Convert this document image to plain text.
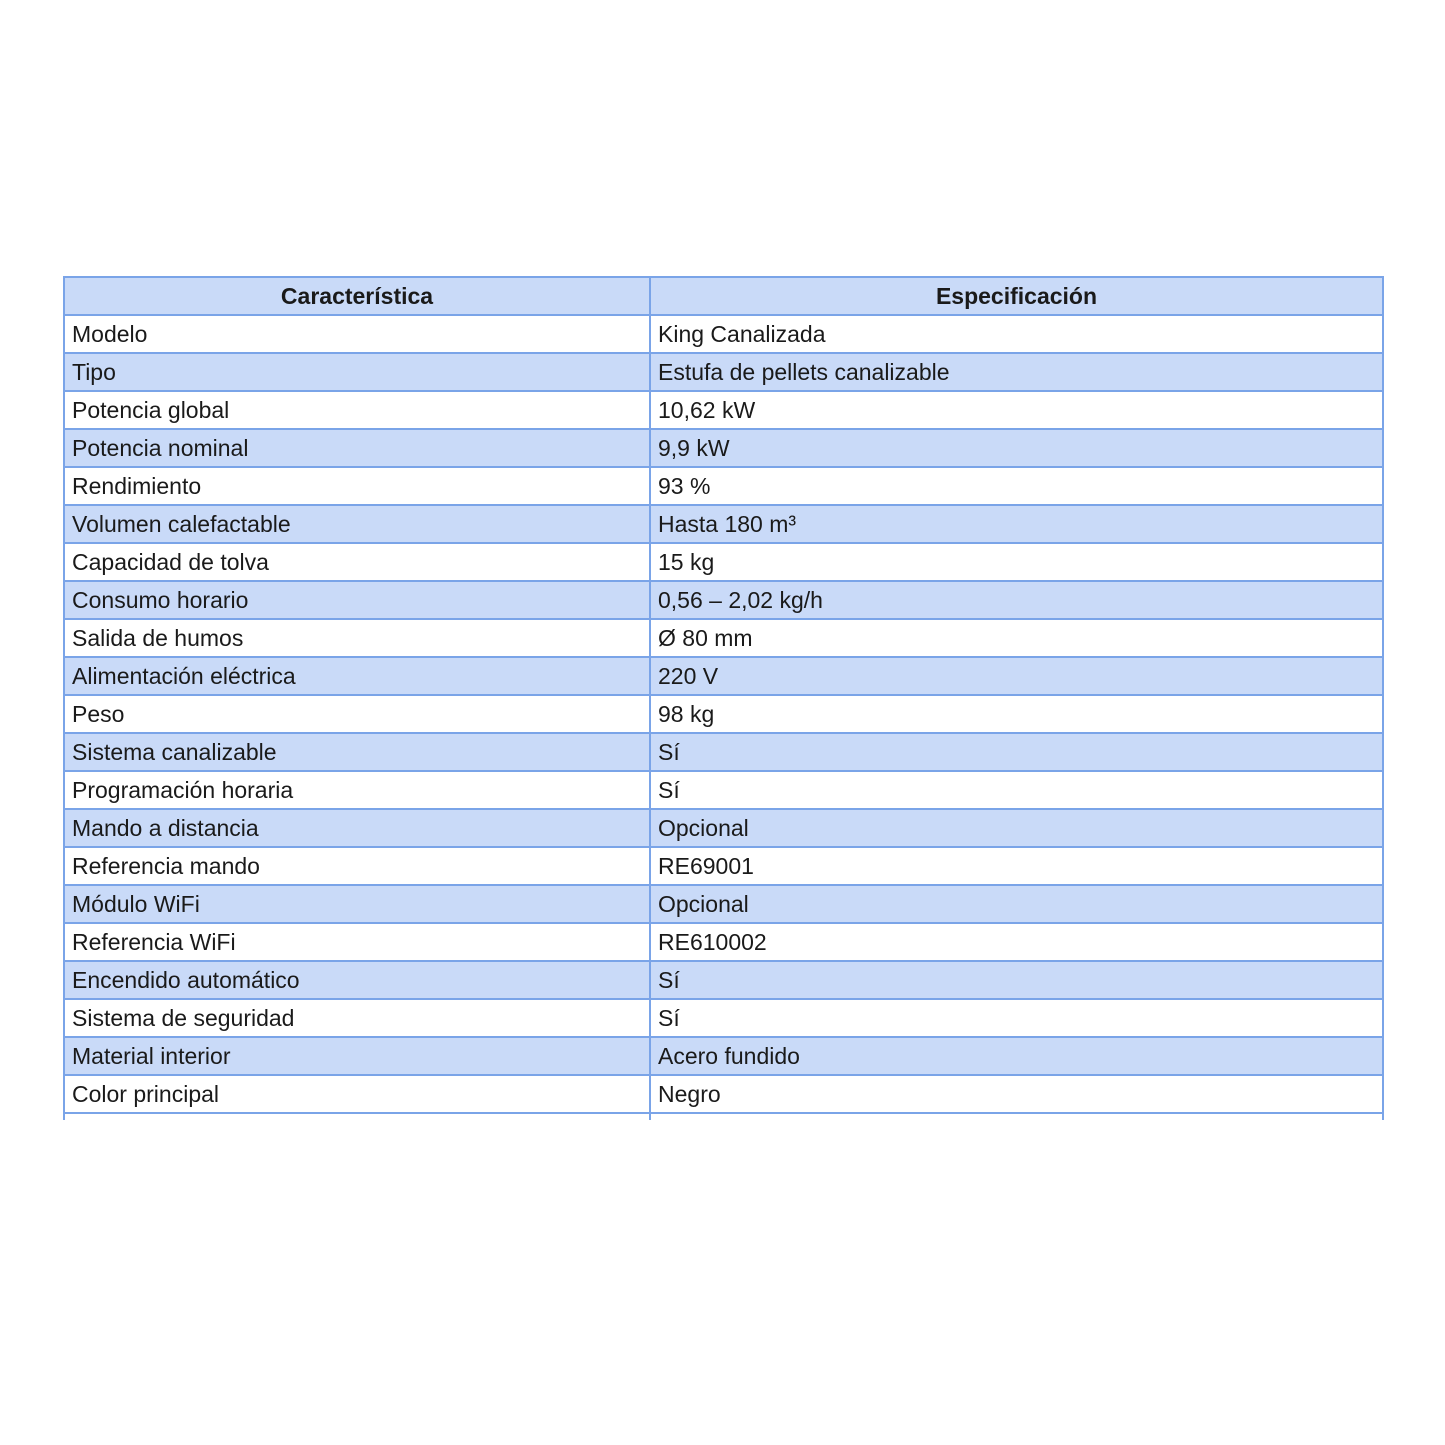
Característica	Especificación
Modelo	King Canalizada
Tipo	Estufa de pellets canalizable
Potencia global	10,62 kW
Potencia nominal	9,9 kW
Rendimiento	93 %
Volumen calefactable	Hasta 180 m³
Capacidad de tolva	15 kg
Consumo horario	0,56 – 2,02 kg/h
Salida de humos	Ø 80 mm
Alimentación eléctrica	220 V
Peso	98 kg
Sistema canalizable	Sí
Programación horaria	Sí
Mando a distancia	Opcional
Referencia mando	RE69001
Módulo WiFi	Opcional
Referencia WiFi	RE610002
Encendido automático	Sí
Sistema de seguridad	Sí
Material interior	Acero fundido
Color principal	Negro
